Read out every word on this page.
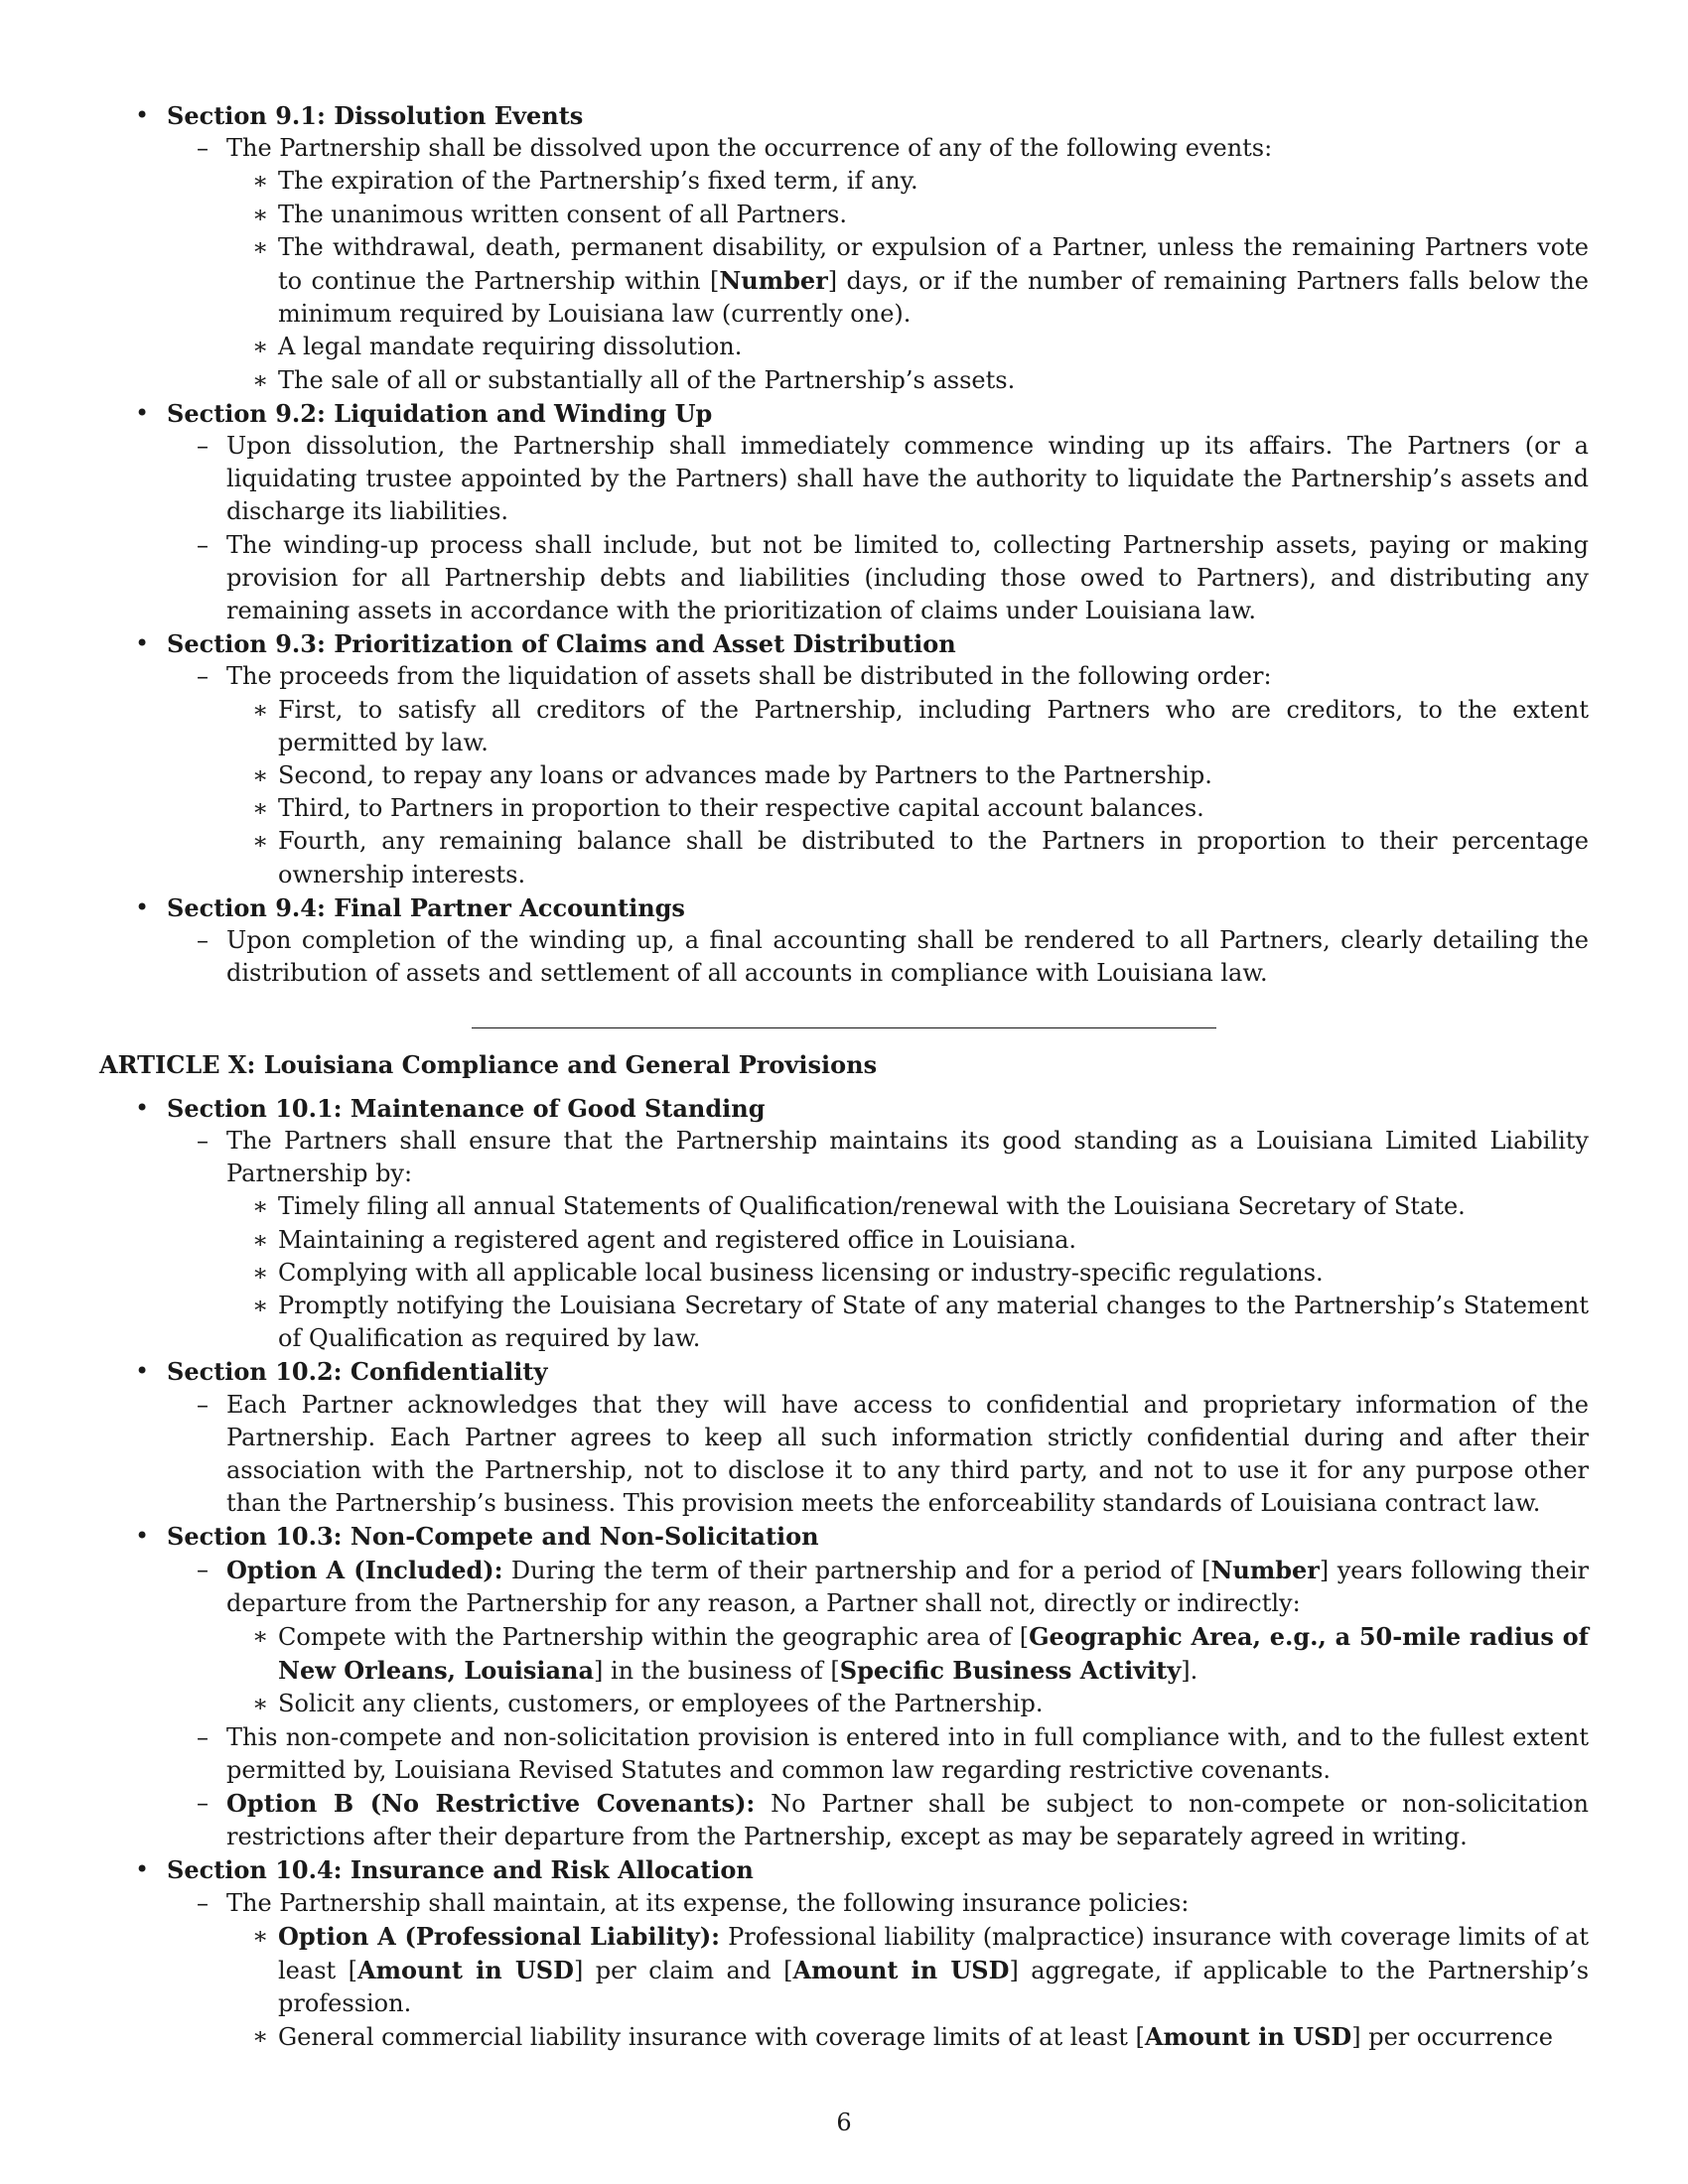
• Section 9.1: Dissolution Events

– The Partnership shall be dissolved upon the occurrence of any of the following events:

∗ The expiration of the Partnership’s fixed term, if any.

∗ The unanimous written consent of all Partners.

∗ The withdrawal, death, permanent disability, or expulsion of a Partner, unless the remaining Partners vote to continue the Partnership within [Number] days, or if the number of remaining Partners falls below the minimum required by Louisiana law (currently one).

∗ A legal mandate requiring dissolution.

∗ The sale of all or substantially all of the Partnership’s assets.

• Section 9.2: Liquidation and Winding Up

– Upon dissolution, the Partnership shall immediately commence winding up its affairs. The Partners (or a liquidating trustee appointed by the Partners) shall have the authority to liquidate the Partnership’s assets and discharge its liabilities.

– The winding-up process shall include, but not be limited to, collecting Partnership assets, paying or making provision for all Partnership debts and liabilities (including those owed to Partners), and distributing any remaining assets in accordance with the prioritization of claims under Louisiana law.

• Section 9.3: Prioritization of Claims and Asset Distribution

– The proceeds from the liquidation of assets shall be distributed in the following order:

∗ First, to satisfy all creditors of the Partnership, including Partners who are creditors, to the extent permitted by law.

∗ Second, to repay any loans or advances made by Partners to the Partnership.

∗ Third, to Partners in proportion to their respective capital account balances.

∗ Fourth, any remaining balance shall be distributed to the Partners in proportion to their percentage ownership interests.

• Section 9.4: Final Partner Accountings

– Upon completion of the winding up, a final accounting shall be rendered to all Partners, clearly detailing the distribution of assets and settlement of all accounts in compliance with Louisiana law.

ARTICLE X: Louisiana Compliance and General Provisions
• Section 10.1: Maintenance of Good Standing

– The Partners shall ensure that the Partnership maintains its good standing as a Louisiana Limited Liability Partnership by:

∗ Timely filing all annual Statements of Qualification/renewal with the Louisiana Secretary of State.

∗ Maintaining a registered agent and registered office in Louisiana.

∗ Complying with all applicable local business licensing or industry-specific regulations.

∗ Promptly notifying the Louisiana Secretary of State of any material changes to the Partnership’s Statement of Qualification as required by law.

• Section 10.2: Confidentiality

– Each Partner acknowledges that they will have access to confidential and proprietary information of the Partnership. Each Partner agrees to keep all such information strictly confidential during and after their association with the Partnership, not to disclose it to any third party, and not to use it for any purpose other than the Partnership’s business. This provision meets the enforceability standards of Louisiana contract law.

• Section 10.3: Non-Compete and Non-Solicitation

– Option A (Included): During the term of their partnership and for a period of [Number] years following their departure from the Partnership for any reason, a Partner shall not, directly or indirectly:

∗ Compete with the Partnership within the geographic area of [Geographic Area, e.g., a 50-mile radius of New Orleans, Louisiana] in the business of [Specific Business Activity].

∗ Solicit any clients, customers, or employees of the Partnership.

– This non-compete and non-solicitation provision is entered into in full compliance with, and to the fullest extent permitted by, Louisiana Revised Statutes and common law regarding restrictive covenants.

– Option B (No Restrictive Covenants): No Partner shall be subject to non-compete or non-solicitation restrictions after their departure from the Partnership, except as may be separately agreed in writing.

• Section 10.4: Insurance and Risk Allocation

– The Partnership shall maintain, at its expense, the following insurance policies:

∗ Option A (Professional Liability): Professional liability (malpractice) insurance with coverage limits of at least [Amount in USD] per claim and [Amount in USD] aggregate, if applicable to the Partnership’s profession.

∗ General commercial liability insurance with coverage limits of at least [Amount in USD] per occurrence

6
